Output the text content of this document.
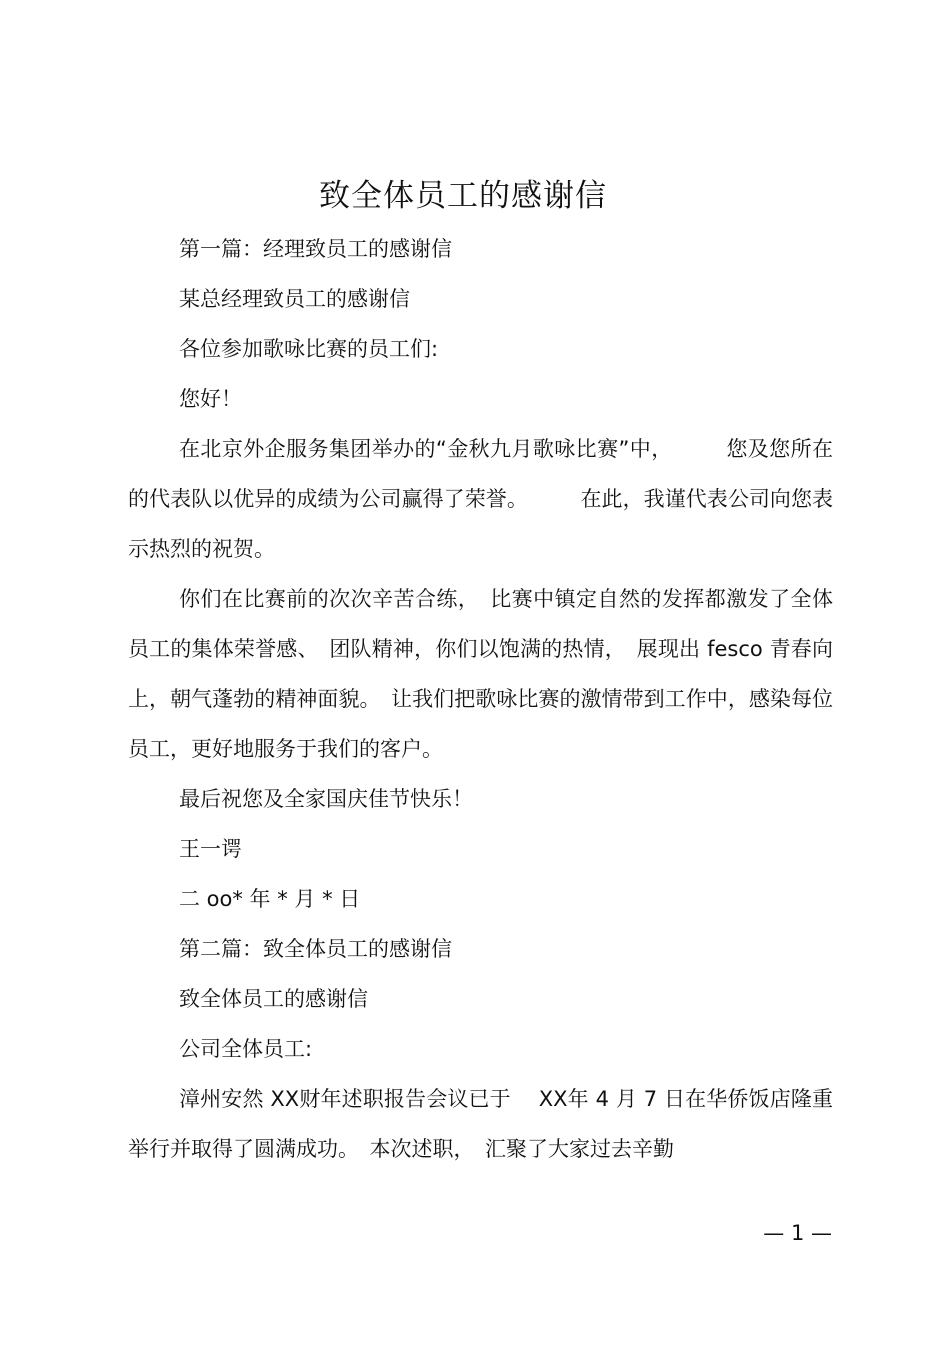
致全体员工的感谢信

第一篇：经理致员工的感谢信

某总经理致员工的感谢信

各位参加歌咏比赛的员工们:

您好！

在北京外企服务集团举办的“金秋九月歌咏比赛”中，　　　您及您所在的代表队以优异的成绩为公司赢得了荣誉。　　　在此，我谨代表公司向您表示热烈的祝贺。

你们在比赛前的次次辛苦合练，　比赛中镇定自然的发挥都激发了全体员工的集体荣誉感、　团队精神，你们以饱满的热情，　展现出 fesco 青春向上，朝气蓬勃的精神面貌。　让我们把歌咏比赛的激情带到工作中，感染每位员工，更好地服务于我们的客户。

最后祝您及全家国庆佳节快乐！

王一谔

二 oo* 年 * 月 * 日

第二篇：致全体员工的感谢信

致全体员工的感谢信

公司全体员工:

漳州安然 XX财年述职报告会议已于　 XX年 4 月 7 日在华侨饭店隆重举行并取得了圆满成功。　本次述职，　汇聚了大家过去辛勤

— 1 —
